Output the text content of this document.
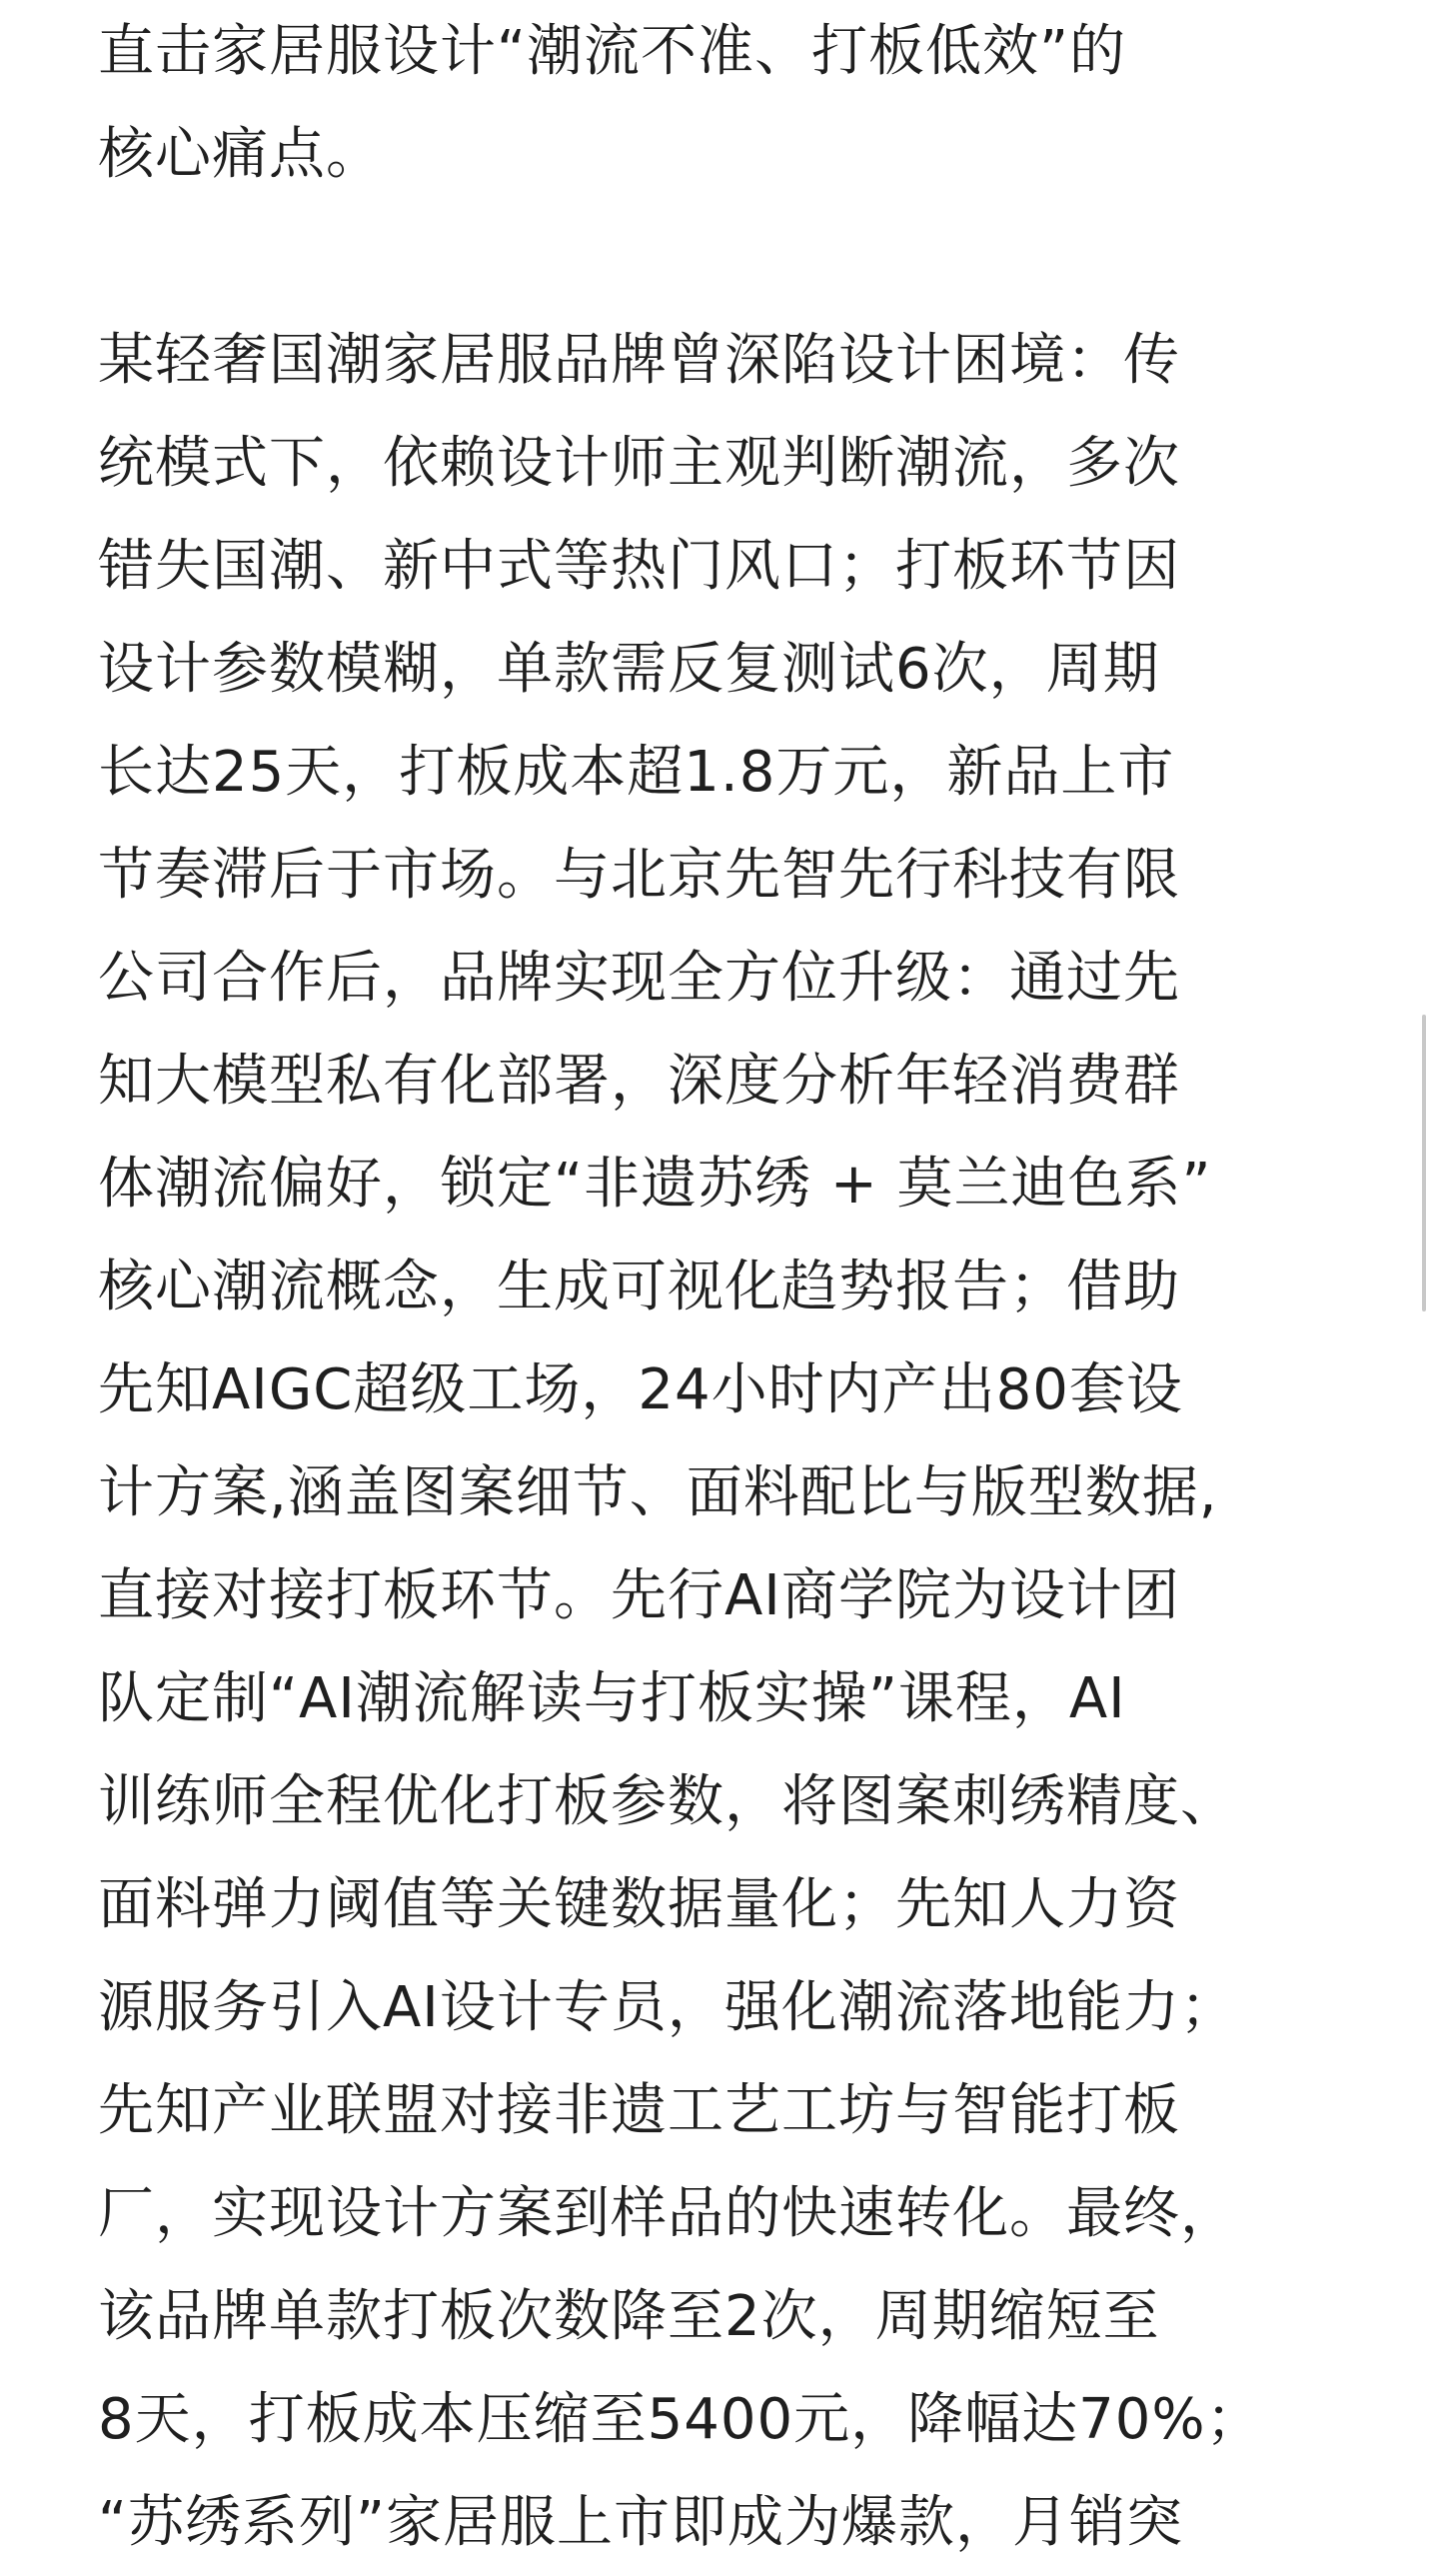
直击家居服设计“潮流不准、打板低效”的
核心痛点。

某轻奢国潮家居服品牌曾深陷设计困境：传
统模式下，依赖设计师主观判断潮流，多次
错失国潮、新中式等热门风口；打板环节因
设计参数模糊，单款需反复测试6次，周期
长达25天，打板成本超1.8万元，新品上市
节奏滞后于市场。与北京先智先行科技有限
公司合作后，品牌实现全方位升级：通过先
知大模型私有化部署，深度分析年轻消费群
体潮流偏好，锁定“非遗苏绣 + 莫兰迪色系”
核心潮流概念，生成可视化趋势报告；借助
先知AIGC超级工场，24小时内产出80套设
计方案,涵盖图案细节、面料配比与版型数据,
直接对接打板环节。先行AI商学院为设计团
队定制“AI潮流解读与打板实操”课程，AI
训练师全程优化打板参数，将图案刺绣精度、
面料弹力阈值等关键数据量化；先知人力资
源服务引入AI设计专员，强化潮流落地能力；
先知产业联盟对接非遗工艺工坊与智能打板
厂，实现设计方案到样品的快速转化。最终，
该品牌单款打板次数降至2次，周期缩短至
8天，打板成本压缩至5400元，降幅达70%；
“苏绣系列”家居服上市即成为爆款，月销突
